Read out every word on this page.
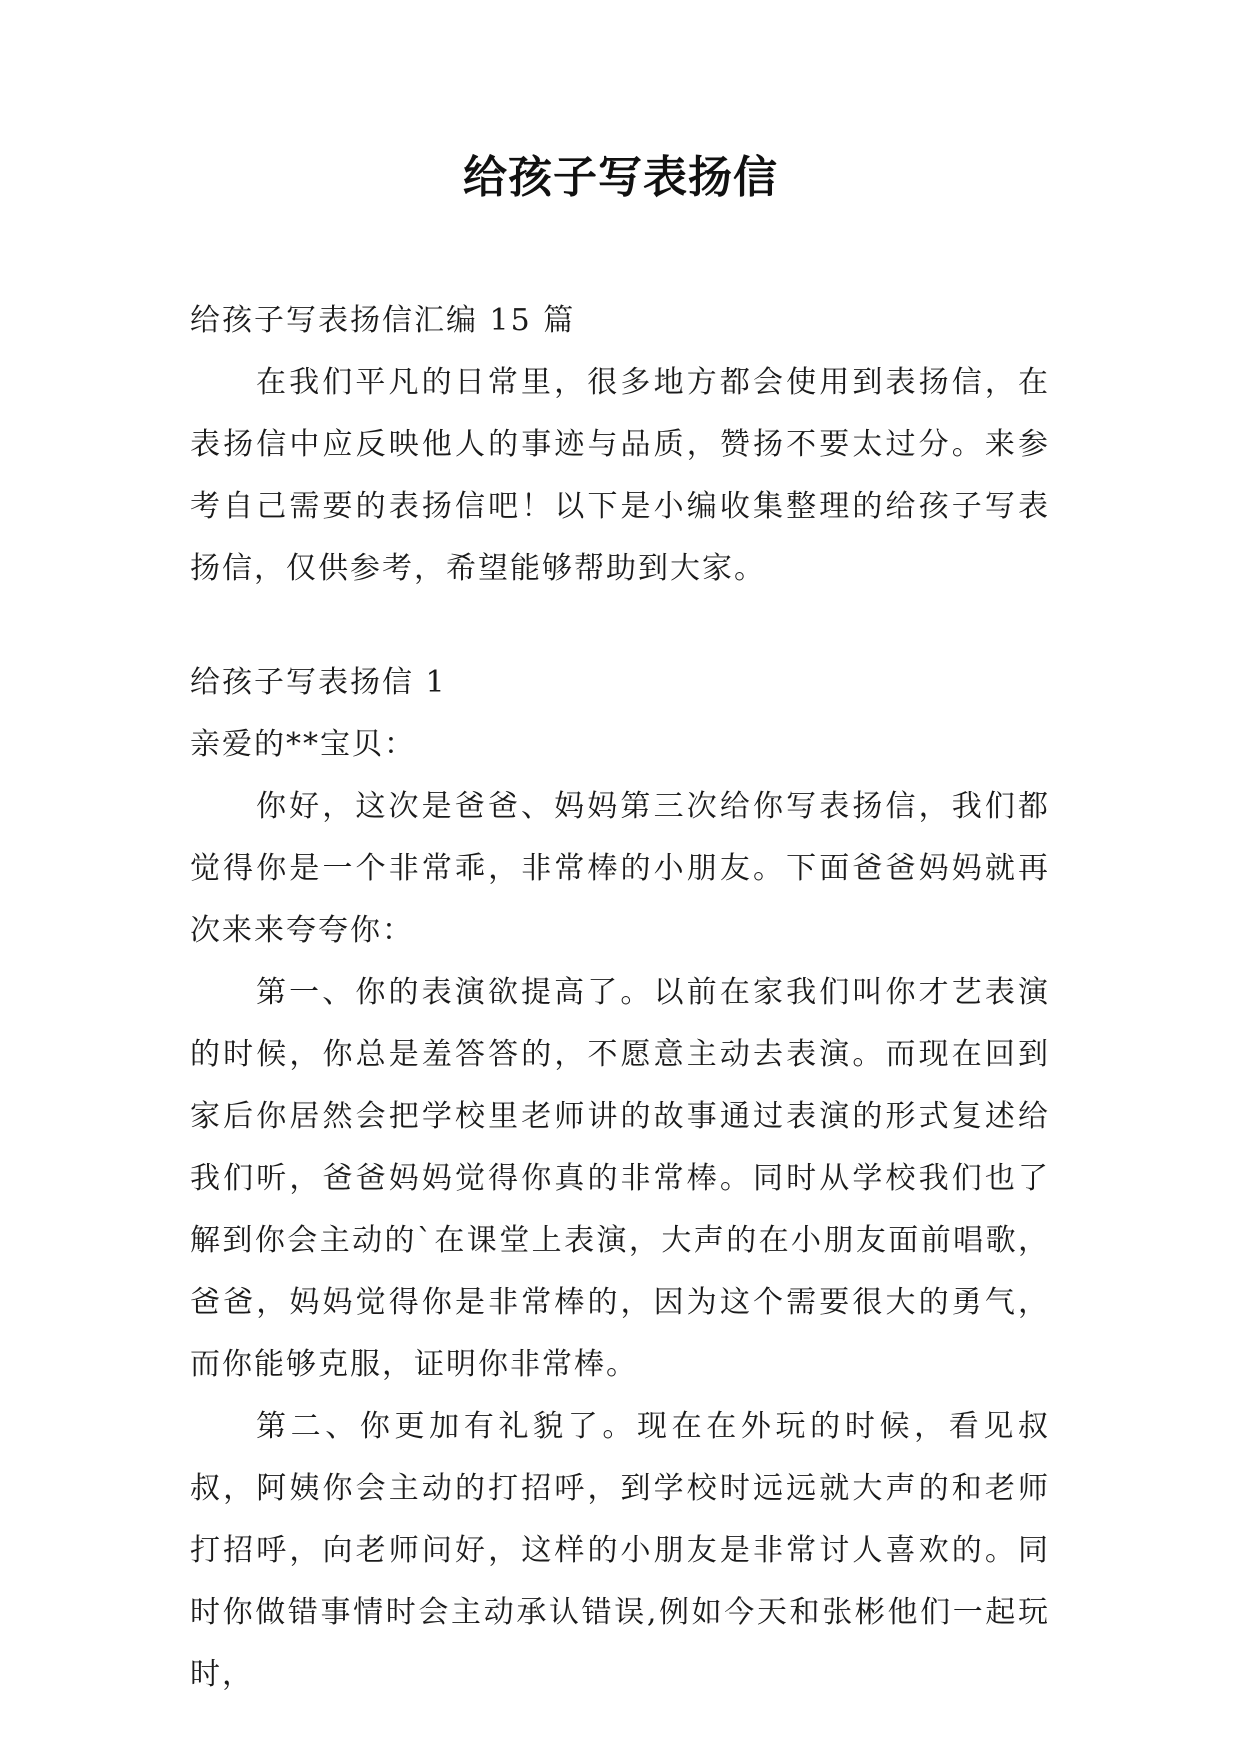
给孩子写表扬信

给孩子写表扬信汇编 15 篇

在我们平凡的日常里，很多地方都会使用到表扬信，在表扬信中应反映他人的事迹与品质，赞扬不要太过分。来参考自己需要的表扬信吧！以下是小编收集整理的给孩子写表扬信，仅供参考，希望能够帮助到大家。

给孩子写表扬信 1

亲爱的**宝贝：

你好，这次是爸爸、妈妈第三次给你写表扬信，我们都觉得你是一个非常乖，非常棒的小朋友。下面爸爸妈妈就再次来来夸夸你：

第一、你的表演欲提高了。以前在家我们叫你才艺表演的时候，你总是羞答答的，不愿意主动去表演。而现在回到家后你居然会把学校里老师讲的故事通过表演的形式复述给我们听，爸爸妈妈觉得你真的非常棒。同时从学校我们也了解到你会主动的`在课堂上表演，大声的在小朋友面前唱歌，爸爸，妈妈觉得你是非常棒的，因为这个需要很大的勇气，而你能够克服，证明你非常棒。

第二、你更加有礼貌了。现在在外玩的时候，看见叔叔，阿姨你会主动的打招呼，到学校时远远就大声的和老师打招呼，向老师问好，这样的小朋友是非常讨人喜欢的。同时你做错事情时会主动承认错误,例如今天和张彬他们一起玩时，
